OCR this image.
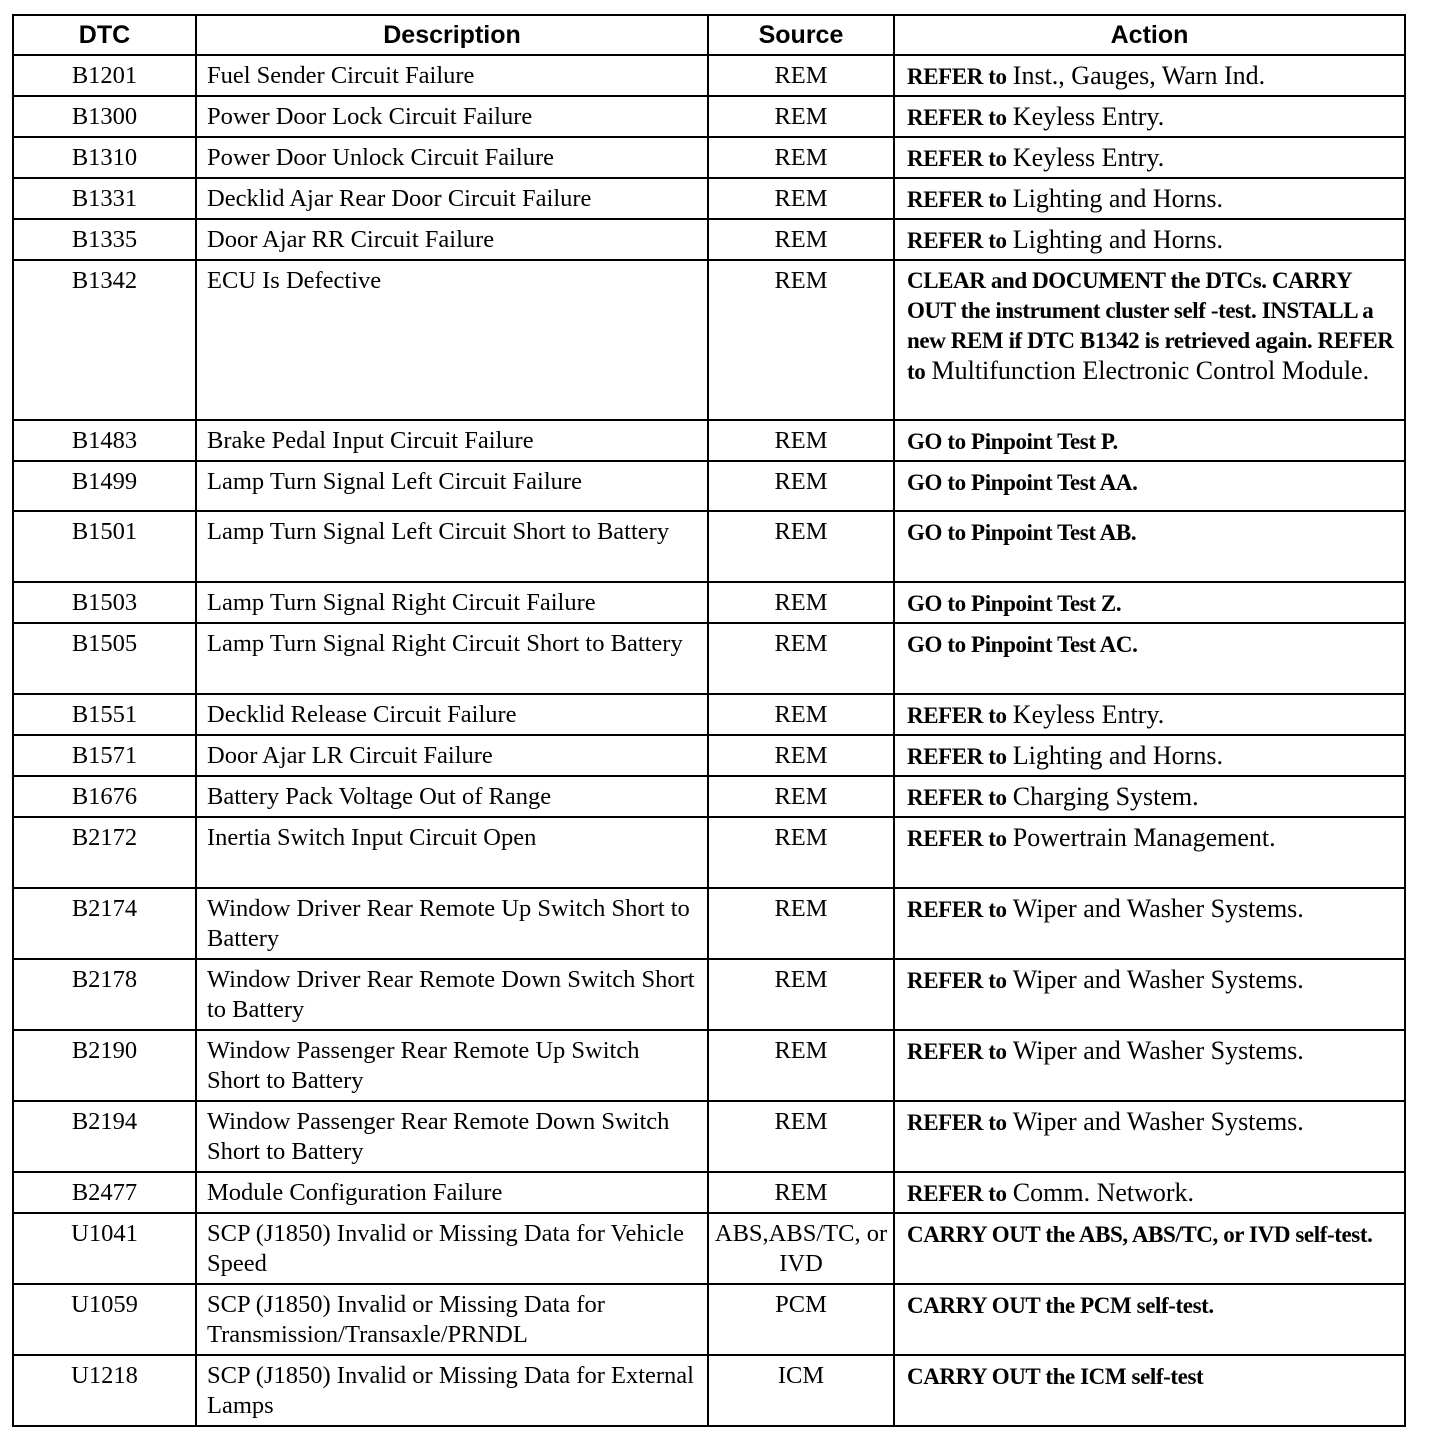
DTC	Description	Source	Action
B1201	Fuel Sender Circuit Failure	REM	REFER to Inst., Gauges, Warn Ind.
B1300	Power Door Lock Circuit Failure	REM	REFER to Keyless Entry.
B1310	Power Door Unlock Circuit Failure	REM	REFER to Keyless Entry.
B1331	Decklid Ajar Rear Door Circuit Failure	REM	REFER to Lighting and Horns.
B1335	Door Ajar RR Circuit Failure	REM	REFER to Lighting and Horns.
B1342	ECU Is Defective	REM	CLEAR and DOCUMENT the DTCs. CARRY OUT the instrument cluster self -test. INSTALL a new REM if DTC B1342 is retrieved again. REFER to Multifunction Electronic Control Module.
B1483	Brake Pedal Input Circuit Failure	REM	GO to Pinpoint Test P.
B1499	Lamp Turn Signal Left Circuit Failure	REM	GO to Pinpoint Test AA.
B1501	Lamp Turn Signal Left Circuit Short to Battery	REM	GO to Pinpoint Test AB.
B1503	Lamp Turn Signal Right Circuit Failure	REM	GO to Pinpoint Test Z.
B1505	Lamp Turn Signal Right Circuit Short to Battery	REM	GO to Pinpoint Test AC.
B1551	Decklid Release Circuit Failure	REM	REFER to Keyless Entry.
B1571	Door Ajar LR Circuit Failure	REM	REFER to Lighting and Horns.
B1676	Battery Pack Voltage Out of Range	REM	REFER to Charging System.
B2172	Inertia Switch Input Circuit Open	REM	REFER to Powertrain Management.
B2174	Window Driver Rear Remote Up Switch Short to Battery	REM	REFER to Wiper and Washer Systems.
B2178	Window Driver Rear Remote Down Switch Short to Battery	REM	REFER to Wiper and Washer Systems.
B2190	Window Passenger Rear Remote Up Switch Short to Battery	REM	REFER to Wiper and Washer Systems.
B2194	Window Passenger Rear Remote Down Switch Short to Battery	REM	REFER to Wiper and Washer Systems.
B2477	Module Configuration Failure	REM	REFER to Comm. Network.
U1041	SCP (J1850) Invalid or Missing Data for Vehicle Speed	ABS,ABS/TC, or IVD	CARRY OUT the ABS, ABS/TC, or IVD self-test.
U1059	SCP (J1850) Invalid or Missing Data for Transmission/Transaxle/PRNDL	PCM	CARRY OUT the PCM self-test.
U1218	SCP (J1850) Invalid or Missing Data for External Lamps	ICM	CARRY OUT the ICM self-test
